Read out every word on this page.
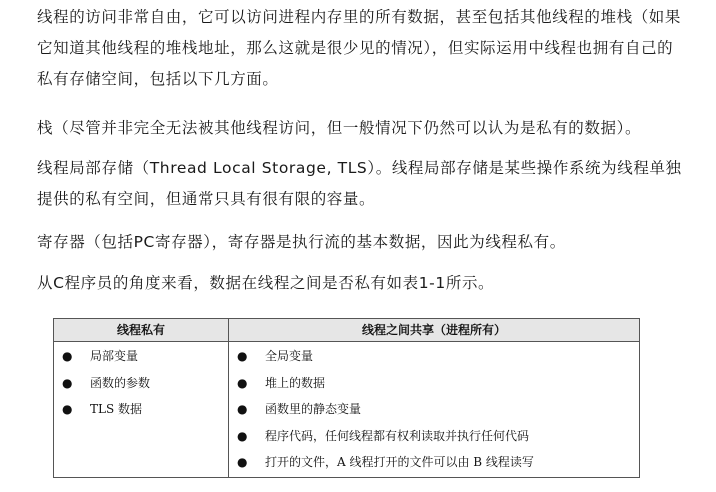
线程的访问非常自由，它可以访问进程内存里的所有数据，甚至包括其他线程的堆栈（如果
它知道其他线程的堆栈地址，那么这就是很少见的情况），但实际运用中线程也拥有自己的
私有存储空间，包括以下几方面。

栈（尽管并非完全无法被其他线程访问，但一般情况下仍然可以认为是私有的数据）。

线程局部存储（Thread Local Storage, TLS）。线程局部存储是某些操作系统为线程单独
提供的私有空间，但通常只具有很有限的容量。

寄存器（包括PC寄存器），寄存器是执行流的基本数据，因此为线程私有。

从C程序员的角度来看，数据在线程之间是否私有如表1-1所示。

线程私有	线程之间共享（进程所有）
● 局部变量
● 函数的参数
● TLS 数据
● 全局变量
● 堆上的数据
● 函数里的静态变量
● 程序代码，任何线程都有权利读取并执行任何代码
● 打开的文件，A 线程打开的文件可以由 B 线程读写
